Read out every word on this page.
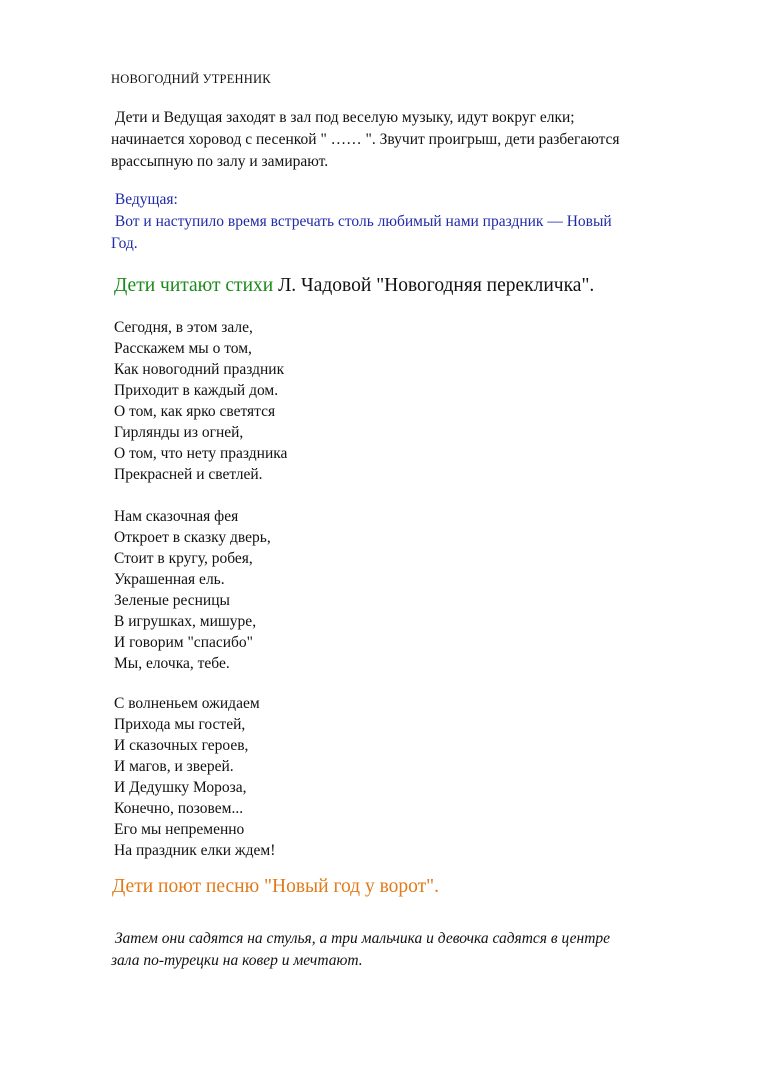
НОВОГОДНИЙ УТРЕННИК
Дети и Ведущая заходят в зал под веселую музыку, идут вокруг елки;
начинается хоровод с песенкой " …… ". Звучит проигрыш, дети разбегаются
врассыпную по залу и замирают.
Ведущая:
Вот и наступило время встречать столь любимый нами праздник — Новый
Год.
Дети читают стихи Л. Чадовой "Новогодняя перекличка".
Сегодня, в этом зале,
Расскажем мы о том,
Как новогодний праздник
Приходит в каждый дом.
О том, как ярко светятся
Гирлянды из огней,
О том, что нету праздника
Прекрасней и светлей.
Нам сказочная фея
Откроет в сказку дверь,
Стоит в кругу, робея,
Украшенная ель.
Зеленые ресницы
В игрушках, мишуре,
И говорим "спасибо"
Мы, елочка, тебе.
С волненьем ожидаем
Прихода мы гостей,
И сказочных героев,
И магов, и зверей.
И Дедушку Мороза,
Конечно, позовем...
Его мы непременно
На праздник елки ждем!
Дети поют песню "Новый год у ворот".
Затем они садятся на стулья, а три мальчика и девочка садятся в центре
зала по-турецки на ковер и мечтают.
